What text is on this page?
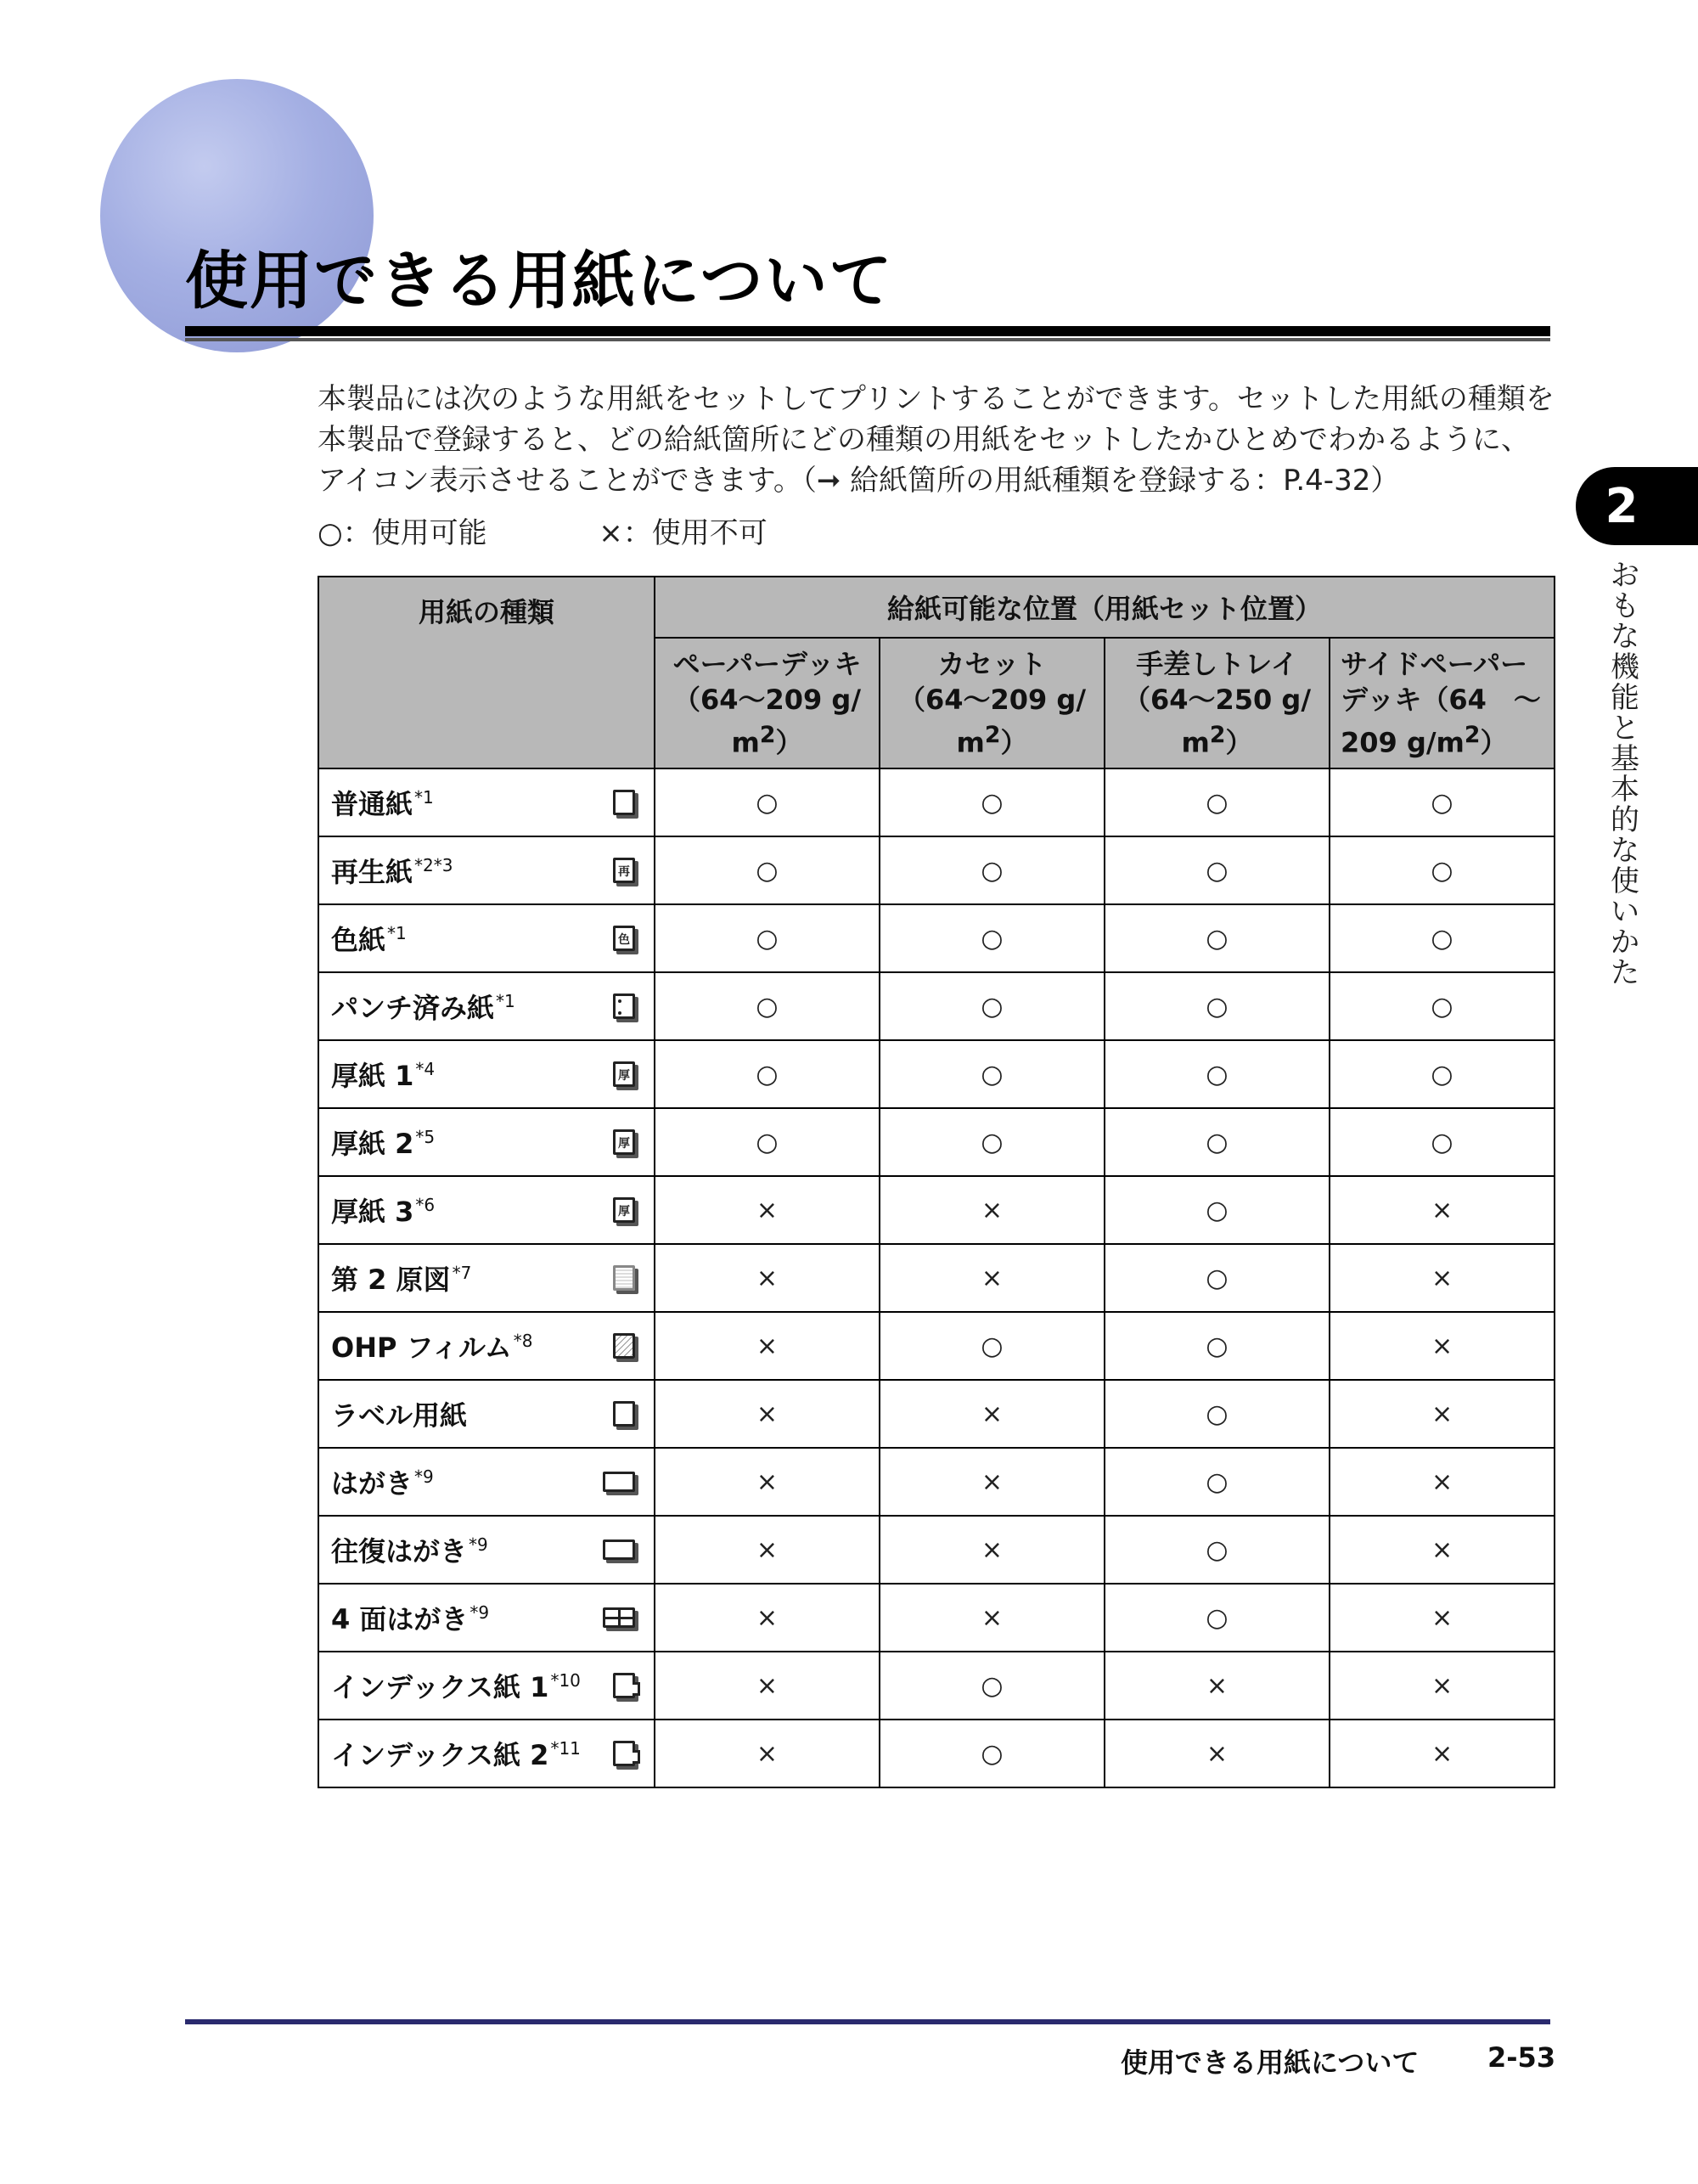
使用できる用紙について

本製品には次のような用紙をセットしてプリントすることができます。セットした用紙の種類を本製品で登録すると、どの給紙箇所にどの種類の用紙をセットしたかひとめでわかるように、アイコン表示させることができます。（➞ 給紙箇所の用紙種類を登録する：P.4-32）

○：使用可能	×：使用不可	2
おもな機能と基本的な使いかた
用紙の種類	給紙可能な位置（用紙セット位置）			
	ペーパーデッキ
（64～209 g/
$m^2$）	カセット
（64～209 g/
$m^2$）	手差しトレイ
（64～250 g/
$m^2$）	サイドペーパー
デッキ（64　～
209 $g/m^2$）

普通紙 $^{*1}$	○	○	○	○

再生紙 $^{*2*3}$ 再	○	○	○	○

色紙 $^{*1}$ 色	○	○	○	○

パンチ済み紙 $^{*1}$	○	○	○	○

厚紙 1 $^{*4}$ 厚	○	○	○	○

厚紙 2 $^{*5}$ 厚	○	○	○	○

厚紙 3 $^{*6}$ 厚	×	×	○	×

第 2 原図 $^{*7}$	×	×	○	×

OHP フィルム $^{*8}$	×	○	○	×

ラベル用紙	×	×	○	×

はがき $^{*9}$	×	×	○	×

往復はがき $^{*9}$	×	×	○	×

4 面はがき $^{*9}$	×	×	○	×

インデックス紙 1 $^{*10}$	×	○	×	×

インデックス紙 2 $^{*11}$	×	○	×	×
使用できる用紙について	2-53
